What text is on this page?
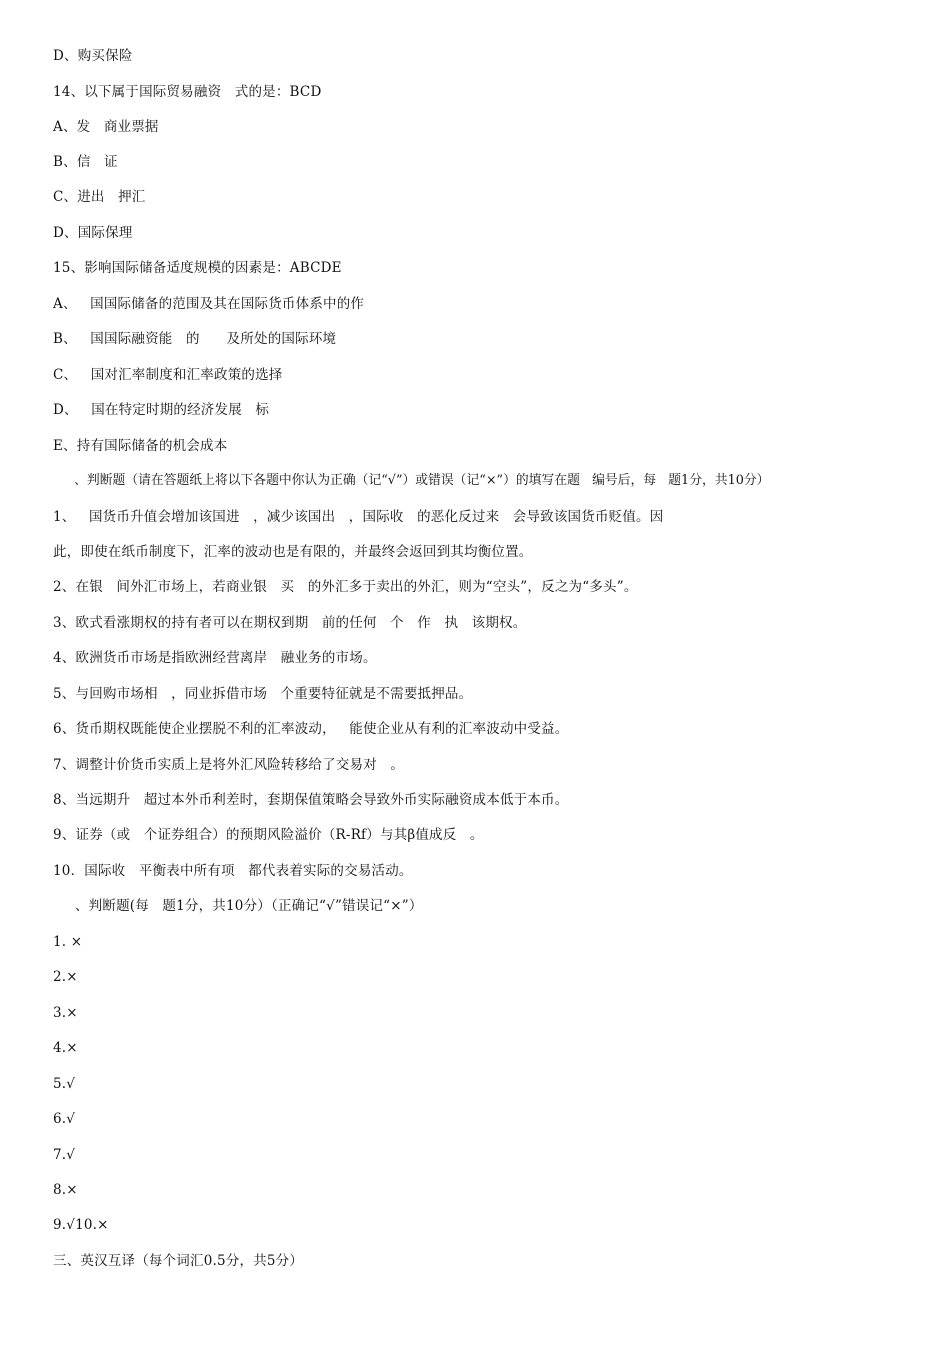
D、购买保险
14、以下属于国际贸易融资   式的是：BCD
A、发   商业票据
B、信   证
C、进出   押汇
D、国际保理
15、影响国际储备适度规模的因素是：ABCDE
A、   国国际储备的范围及其在国际货币体系中的作
B、   国国际融资能   的      及所处的国际环境
C、   国对汇率制度和汇率政策的选择
D、   国在特定时期的经济发展   标
E、持有国际储备的机会成本
、判断题（请在答题纸上将以下各题中你认为正确（记“√”）或错误（记“×”）的填写在题   编号后，每   题1分，共10分）
1、   国货币升值会增加该国进   ，减少该国出   ，国际收   的恶化反过来   会导致该国货币贬值。因
此，即使在纸币制度下，汇率的波动也是有限的，并最终会返回到其均衡位置。
2、在银   间外汇市场上，若商业银   买   的外汇多于卖出的外汇，则为“空头”，反之为“多头”。
3、欧式看涨期权的持有者可以在期权到期   前的任何   个   作   执   该期权。
4、欧洲货币市场是指欧洲经营离岸   融业务的市场。
5、与回购市场相   ，同业拆借市场   个重要特征就是不需要抵押品。
6、货币期权既能使企业摆脱不利的汇率波动，   能使企业从有利的汇率波动中受益。
7、调整计价货币实质上是将外汇风险转移给了交易对   。
8、当远期升   超过本外币利差时，套期保值策略会导致外币实际融资成本低于本币。
9、证券（或   个证券组合）的预期风险溢价（R-Rf）与其β值成反   。
10．国际收   平衡表中所有项   都代表着实际的交易活动。
、判断题(每   题1分，共10分）（正确记“√”错误记“×”）
1. ×
2.×
3.×
4.×
5.√
6.√
7.√
8.×
9.√10.×
三、英汉互译（每个词汇0.5分，共5分）
